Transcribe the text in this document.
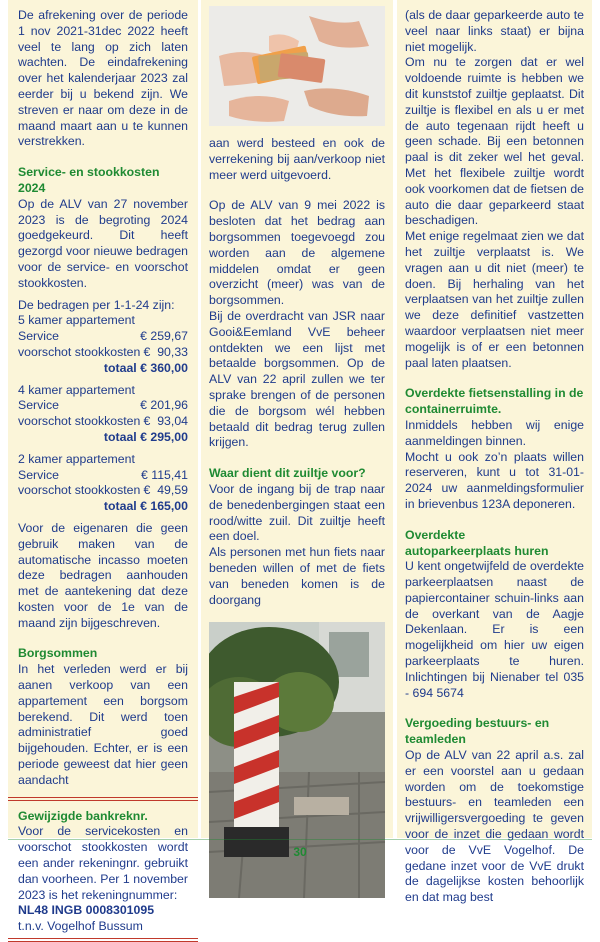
De afrekening over de periode 1 nov 2021-31dec 2022 heeft veel te lang op zich laten wachten. De eindafrekening over het kalenderjaar 2023 zal eerder bij u bekend zijn. We streven er naar om deze in de maand maart aan u te kunnen verstrekken.

Service- en stookkosten 2024

Op de ALV van 27 november 2023 is de begroting 2024 goedgekeurd. Dit heeft gezorgd voor nieuwe bedragen voor de service- en voorschot stookkosten.

De bedragen per 1-1-24 zijn:

5 kamer appartement

Service	€ 259,67
voorschot stookkosten €  90,33
totaal € 360,00

4 kamer appartement

Service	€ 201,96
voorschot stookkosten €  93,04
totaal € 295,00

2 kamer appartement

Service	€ 115,41
voorschot stookkosten €  49,59
totaal € 165,00

Voor de eigenaren die geen gebruik maken van de automatische incasso moeten deze bedragen aanhouden met de aantekening dat deze kosten voor de 1e van de maand zijn bijgeschreven.

Borgsommen

In het verleden werd er bij aanen verkoop van een appartement een borgsom berekend. Dit werd toen administratief goed bijgehouden. Echter, er is een periode geweest dat hier geen aandacht

Gewijzigde bankreknr.

Voor de servicekosten en voorschot stookkosten wordt een ander rekeningnr. gebruikt dan voorheen. Per 1 november 2023 is het rekeningnummer:

NL48 INGB 0008301095

t.n.v. Vogelhof Bussum

aan werd besteed en ook de verrekening bij aan/verkoop niet meer werd uitgevoerd.

Op de ALV van 9 mei 2022 is besloten dat het bedrag aan borgsommen toegevoegd zou worden aan de algemene middelen omdat er geen overzicht (meer) was van de borgsommen.

Bij de overdracht van JSR naar Gooi&Eemland VvE beheer ontdekten we een lijst met betaalde borgsommen. Op de ALV van 22 april zullen we ter sprake brengen of de personen die de borgsom wél hebben betaald dit bedrag terug zullen krijgen.

Waar dient dit zuiltje voor?

Voor de ingang bij de trap naar de benedenbergingen staat een rood/witte zuil. Dit zuiltje heeft een doel.

Als personen met hun fiets naar beneden willen of met de fiets van beneden komen is de doorgang

(als de daar geparkeerde auto te veel naar links staat) er bijna niet mogelijk.

Om nu te zorgen dat er wel voldoende ruimte is hebben we dit kunststof zuiltje geplaatst. Dit zuiltje is flexibel en als u er met de auto tegenaan rijdt heeft u geen schade. Bij een betonnen paal is dit zeker wel het geval. Met het flexibele zuiltje wordt ook voorkomen dat de fietsen de auto die daar geparkeerd staat beschadigen.

Met enige regelmaat zien we dat het zuiltje verplaatst is. We vragen aan u dit niet (meer) te doen. Bij herhaling van het verplaatsen van het zuiltje zullen we deze definitief vastzetten waardoor verplaatsen niet meer mogelijk is of er een betonnen paal laten plaatsen.

Overdekte fietsenstalling in de containerruimte.

Inmiddels hebben wij enige aanmeldingen binnen.

Mocht u ook zo’n plaats willen reserveren, kunt u tot 31-01-2024 uw aanmeldingsformulier in brievenbus 123A deponeren.

Overdekte    autoparkeerplaats huren

U kent ongetwijfeld de overdekte parkeerplaatsen naast de papiercontainer schuin-links aan de overkant van de Aagje Dekenlaan. Er is een mogelijkheid om hier uw eigen parkeerplaats te huren. Inlichtingen bij Nienaber tel 035 - 694 5674

Vergoeding bestuurs- en teamleden

Op de ALV van 22 april a.s. zal er een voorstel aan u gedaan worden om de toekomstige bestuurs- en teamleden een vrijwilligersvergoeding te geven voor de inzet die gedaan wordt voor de VvE Vogelhof. De gedane inzet voor de VvE drukt de dagelijkse kosten behoorlijk en dat mag best

30
